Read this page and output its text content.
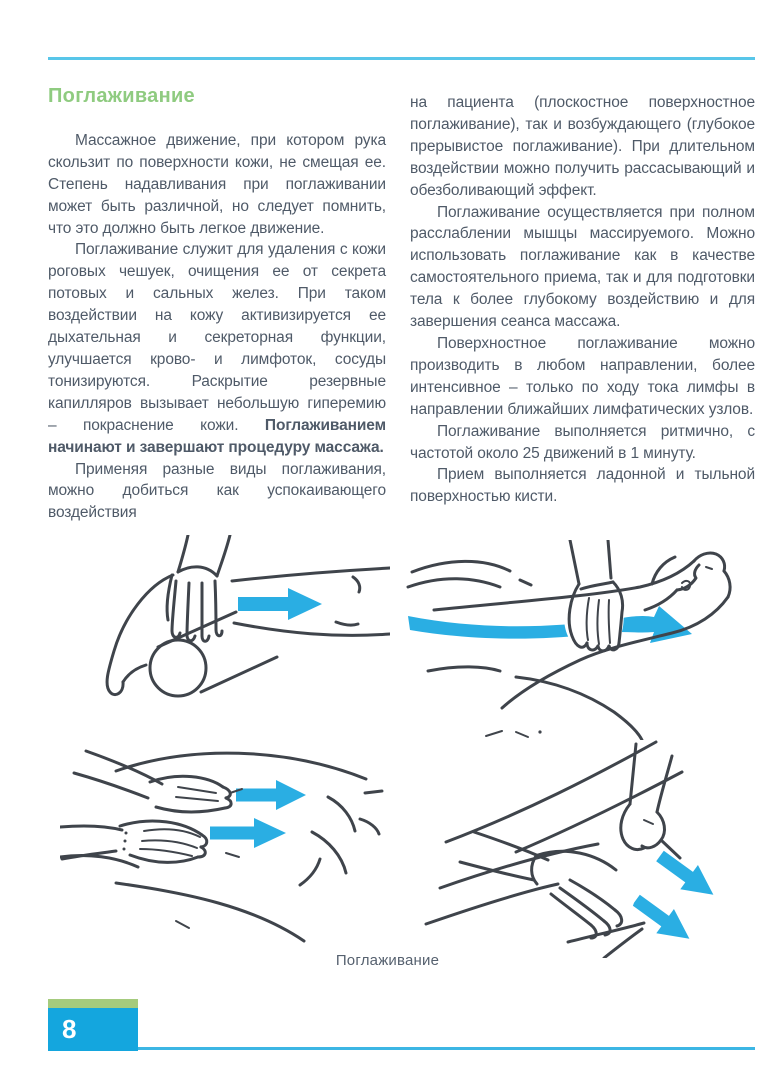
Поглаживание

Массажное движение, при котором рука скользит по поверхности кожи, не смещая ее. Степень надавливания при поглаживании может быть различной, но следует помнить, что это должно быть легкое движение.

Поглаживание служит для удаления с кожи роговых чешуек, очищения ее от секрета потовых и сальных желез. При таком воздействии на кожу активизируется ее дыхательная и секреторная функции, улучшается крово- и лимфоток, сосуды тонизируются. Раскрытие резервные капилляров вызывает небольшую гиперемию – покраснение кожи. Поглаживанием начинают и завершают процедуру массажа.

Применяя разные виды поглаживания, можно добиться как успокаивающего воздействия

на пациента (плоскостное поверхностное поглаживание), так и возбуждающего (глубокое прерывистое поглаживание). При длительном воздействии можно получить рассасывающий и обезболивающий эффект.

Поглаживание осуществляется при полном расслаблении мышцы массируемого. Можно использовать поглаживание как в качестве самостоятельного приема, так и для подготовки тела к более глубокому воздействию и для завершения сеанса массажа.

Поверхностное поглаживание можно производить в любом направлении, более интенсивное – только по ходу тока лимфы в направлении ближайших лимфатических узлов.

Поглаживание выполняется ритмично, с частотой около 25 движений в 1 минуту.

Прием выполняется ладонной и тыльной поверхностью кисти.

Поглаживание
8
